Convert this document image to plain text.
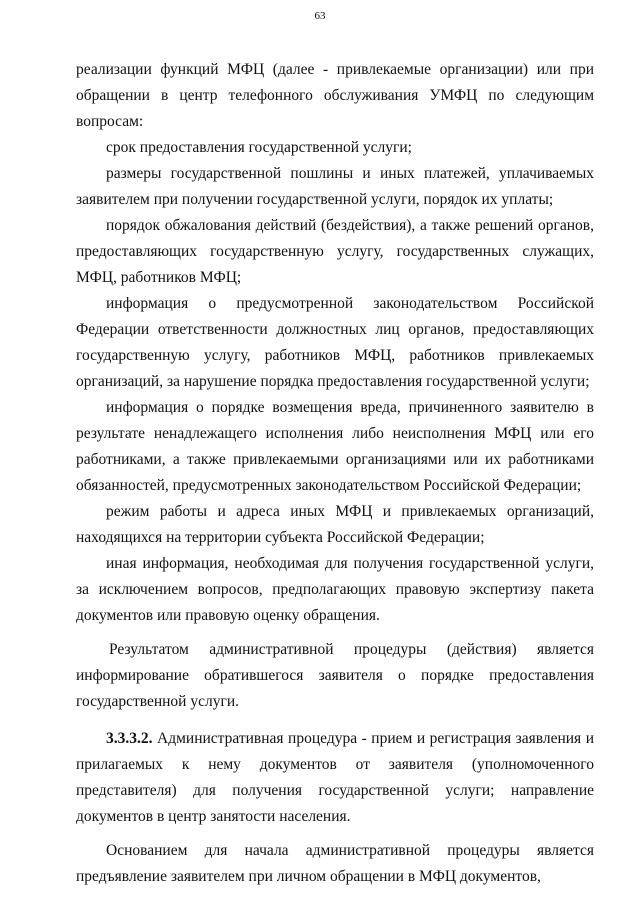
63

реализации функций МФЦ (далее - привлекаемые организации) или при обращении в центр телефонного обслуживания УМФЦ по следующим вопросам:

срок предоставления государственной услуги;

размеры государственной пошлины и иных платежей, уплачиваемых заявителем при получении государственной услуги, порядок их уплаты;

порядок обжалования действий (бездействия), а также решений органов, предоставляющих государственную услугу, государственных служащих, МФЦ, работников МФЦ;

информация о предусмотренной законодательством Российской Федерации ответственности должностных лиц органов, предоставляющих государственную услугу, работников МФЦ, работников привлекаемых организаций, за нарушение порядка предоставления государственной услуги;

информация о порядке возмещения вреда, причиненного заявителю в результате ненадлежащего исполнения либо неисполнения МФЦ или его работниками, а также привлекаемыми организациями или их работниками обязанностей, предусмотренных законодательством Российской Федерации;

режим работы и адреса иных МФЦ и привлекаемых организаций, находящихся на территории субъекта Российской Федерации;

иная информация, необходимая для получения государственной услуги, за исключением вопросов, предполагающих правовую экспертизу пакета документов или правовую оценку обращения.

Результатом административной процедуры (действия) является информирование обратившегося заявителя о порядке предоставления государственной услуги.

3.3.3.2. Административная процедура - прием и регистрация заявления и прилагаемых к нему документов от заявителя (уполномоченного представителя) для получения государственной услуги; направление документов в центр занятости населения.

Основанием для начала административной процедуры является предъявление заявителем при личном обращении в МФЦ документов,
